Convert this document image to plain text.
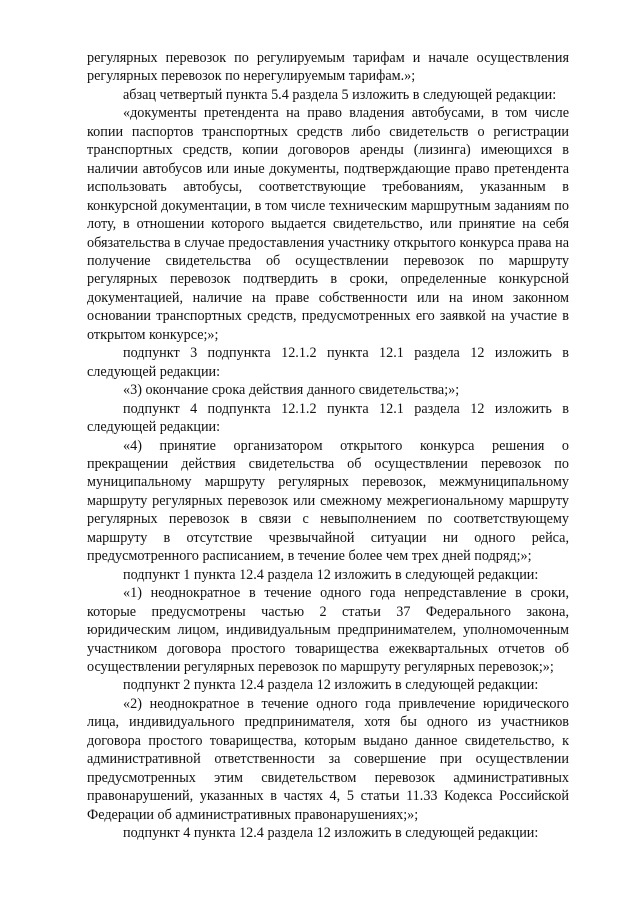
регулярных перевозок по регулируемым тарифам и начале осуществления регулярных перевозок по нерегулируемым тарифам.»;

абзац четвертый пункта 5.4 раздела 5 изложить в следующей редакции:

«документы претендента на право владения автобусами, в том числе копии паспортов транспортных средств либо свидетельств о регистрации транспортных средств, копии договоров аренды (лизинга) имеющихся в наличии автобусов или иные документы, подтверждающие право претендента использовать автобусы, соответствующие требованиям, указанным в конкурсной документации, в том числе техническим маршрутным заданиям по лоту, в отношении которого выдается свидетельство, или принятие на себя обязательства в случае предоставления участнику открытого конкурса права на получение свидетельства об осуществлении перевозок по маршруту регулярных перевозок подтвердить в сроки, определенные конкурсной документацией, наличие на праве собственности или на ином законном основании транспортных средств, предусмотренных его заявкой на участие в открытом конкурсе;»;

подпункт 3 подпункта 12.1.2 пункта 12.1 раздела 12 изложить в следующей редакции:

«3) окончание срока действия данного свидетельства;»;

подпункт 4 подпункта 12.1.2 пункта 12.1 раздела 12 изложить в следующей редакции:

«4) принятие организатором открытого конкурса решения о прекращении действия свидетельства об осуществлении перевозок по муниципальному маршруту регулярных перевозок, межмуниципальному маршруту регулярных перевозок или смежному межрегиональному маршруту регулярных перевозок в связи с невыполнением по соответствующему маршруту в отсутствие чрезвычайной ситуации ни одного рейса, предусмотренного расписанием, в течение более чем трех дней подряд;»;

подпункт 1 пункта 12.4 раздела 12 изложить в следующей редакции:

«1) неоднократное в течение одного года непредставление в сроки, которые предусмотрены частью 2 статьи 37 Федерального закона, юридическим лицом, индивидуальным предпринимателем, уполномоченным участником договора простого товарищества ежеквартальных отчетов об осуществлении регулярных перевозок по маршруту регулярных перевозок;»;

подпункт 2 пункта 12.4 раздела 12 изложить в следующей редакции:

«2) неоднократное в течение одного года привлечение юридического лица, индивидуального предпринимателя, хотя бы одного из участников договора простого товарищества, которым выдано данное свидетельство, к административной ответственности за совершение при осуществлении предусмотренных этим свидетельством перевозок административных правонарушений, указанных в частях 4, 5 статьи 11.33 Кодекса Российской Федерации об административных правонарушениях;»;

подпункт 4 пункта 12.4 раздела 12 изложить в следующей редакции:
